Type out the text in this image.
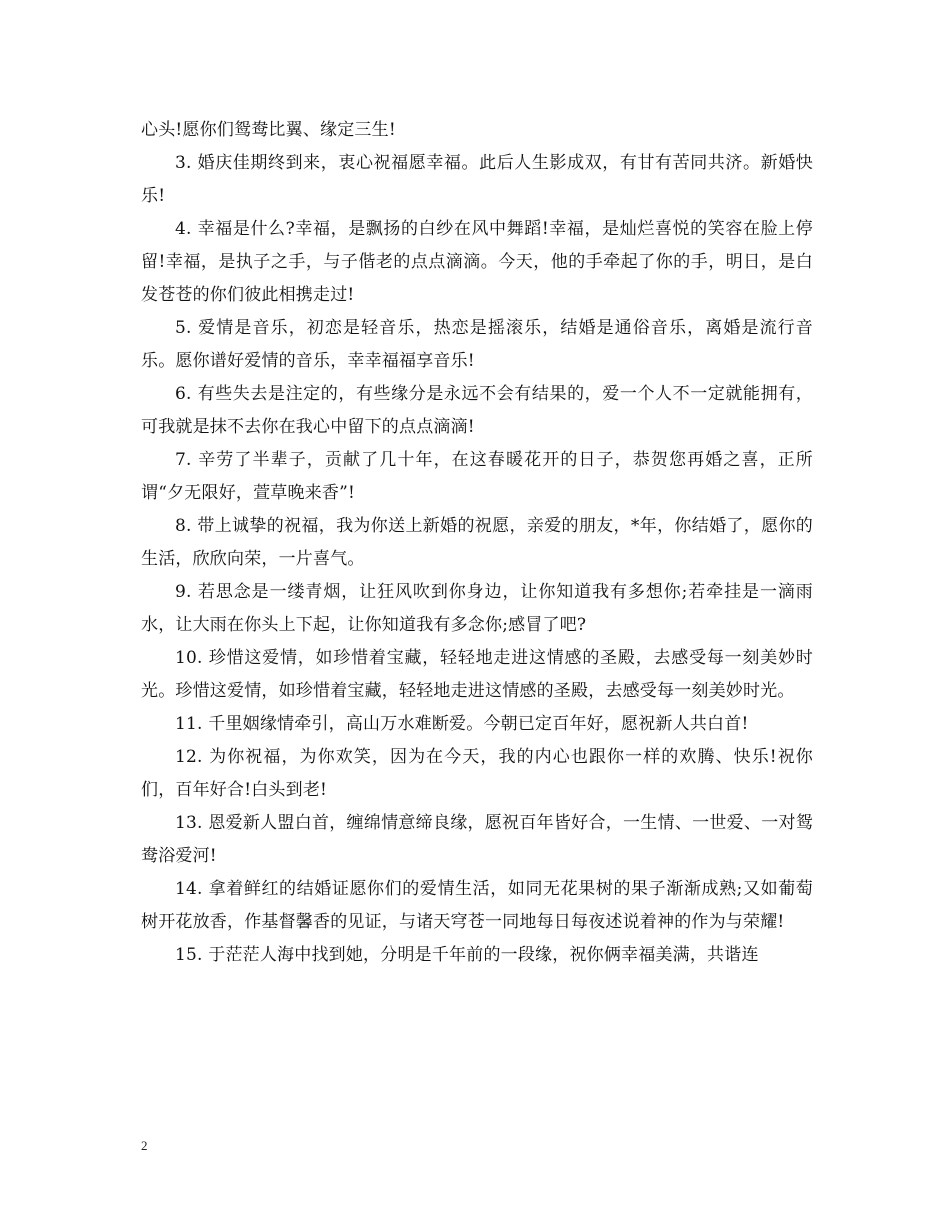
心头!愿你们鸳鸯比翼、缘定三生!

3. 婚庆佳期终到来，衷心祝福愿幸福。此后人生影成双，有甘有苦同共济。新婚快乐!

4. 幸福是什么?幸福，是飘扬的白纱在风中舞蹈!幸福，是灿烂喜悦的笑容在脸上停留!幸福，是执子之手，与子偕老的点点滴滴。今天，他的手牵起了你的手，明日，是白发苍苍的你们彼此相携走过!

5. 爱情是音乐，初恋是轻音乐，热恋是摇滚乐，结婚是通俗音乐，离婚是流行音乐。愿你谱好爱情的音乐，幸幸福福享音乐!

6. 有些失去是注定的，有些缘分是永远不会有结果的，爱一个人不一定就能拥有，可我就是抹不去你在我心中留下的点点滴滴!

7. 辛劳了半辈子，贡献了几十年，在这春暖花开的日子，恭贺您再婚之喜，正所谓“夕无限好，萱草晚来香”!

8. 带上诚挚的祝福，我为你送上新婚的祝愿，亲爱的朋友，*年，你结婚了，愿你的生活，欣欣向荣，一片喜气。

9. 若思念是一缕青烟，让狂风吹到你身边，让你知道我有多想你;若牵挂是一滴雨水，让大雨在你头上下起，让你知道我有多念你;感冒了吧?

10. 珍惜这爱情，如珍惜着宝藏，轻轻地走进这情感的圣殿，去感受每一刻美妙时光。珍惜这爱情，如珍惜着宝藏，轻轻地走进这情感的圣殿，去感受每一刻美妙时光。

11. 千里姻缘情牵引，高山万水难断爱。今朝已定百年好，愿祝新人共白首!

12. 为你祝福，为你欢笑，因为在今天，我的内心也跟你一样的欢腾、快乐!祝你们，百年好合!白头到老!

13. 恩爱新人盟白首，缠绵情意缔良缘，愿祝百年皆好合，一生情、一世爱、一对鸳鸯浴爱河!

14. 拿着鲜红的结婚证愿你们的爱情生活，如同无花果树的果子渐渐成熟;又如葡萄树开花放香，作基督馨香的见证，与诸天穹苍一同地每日每夜述说着神的作为与荣耀!

15. 于茫茫人海中找到她，分明是千年前的一段缘，祝你俩幸福美满，共谐连

2
